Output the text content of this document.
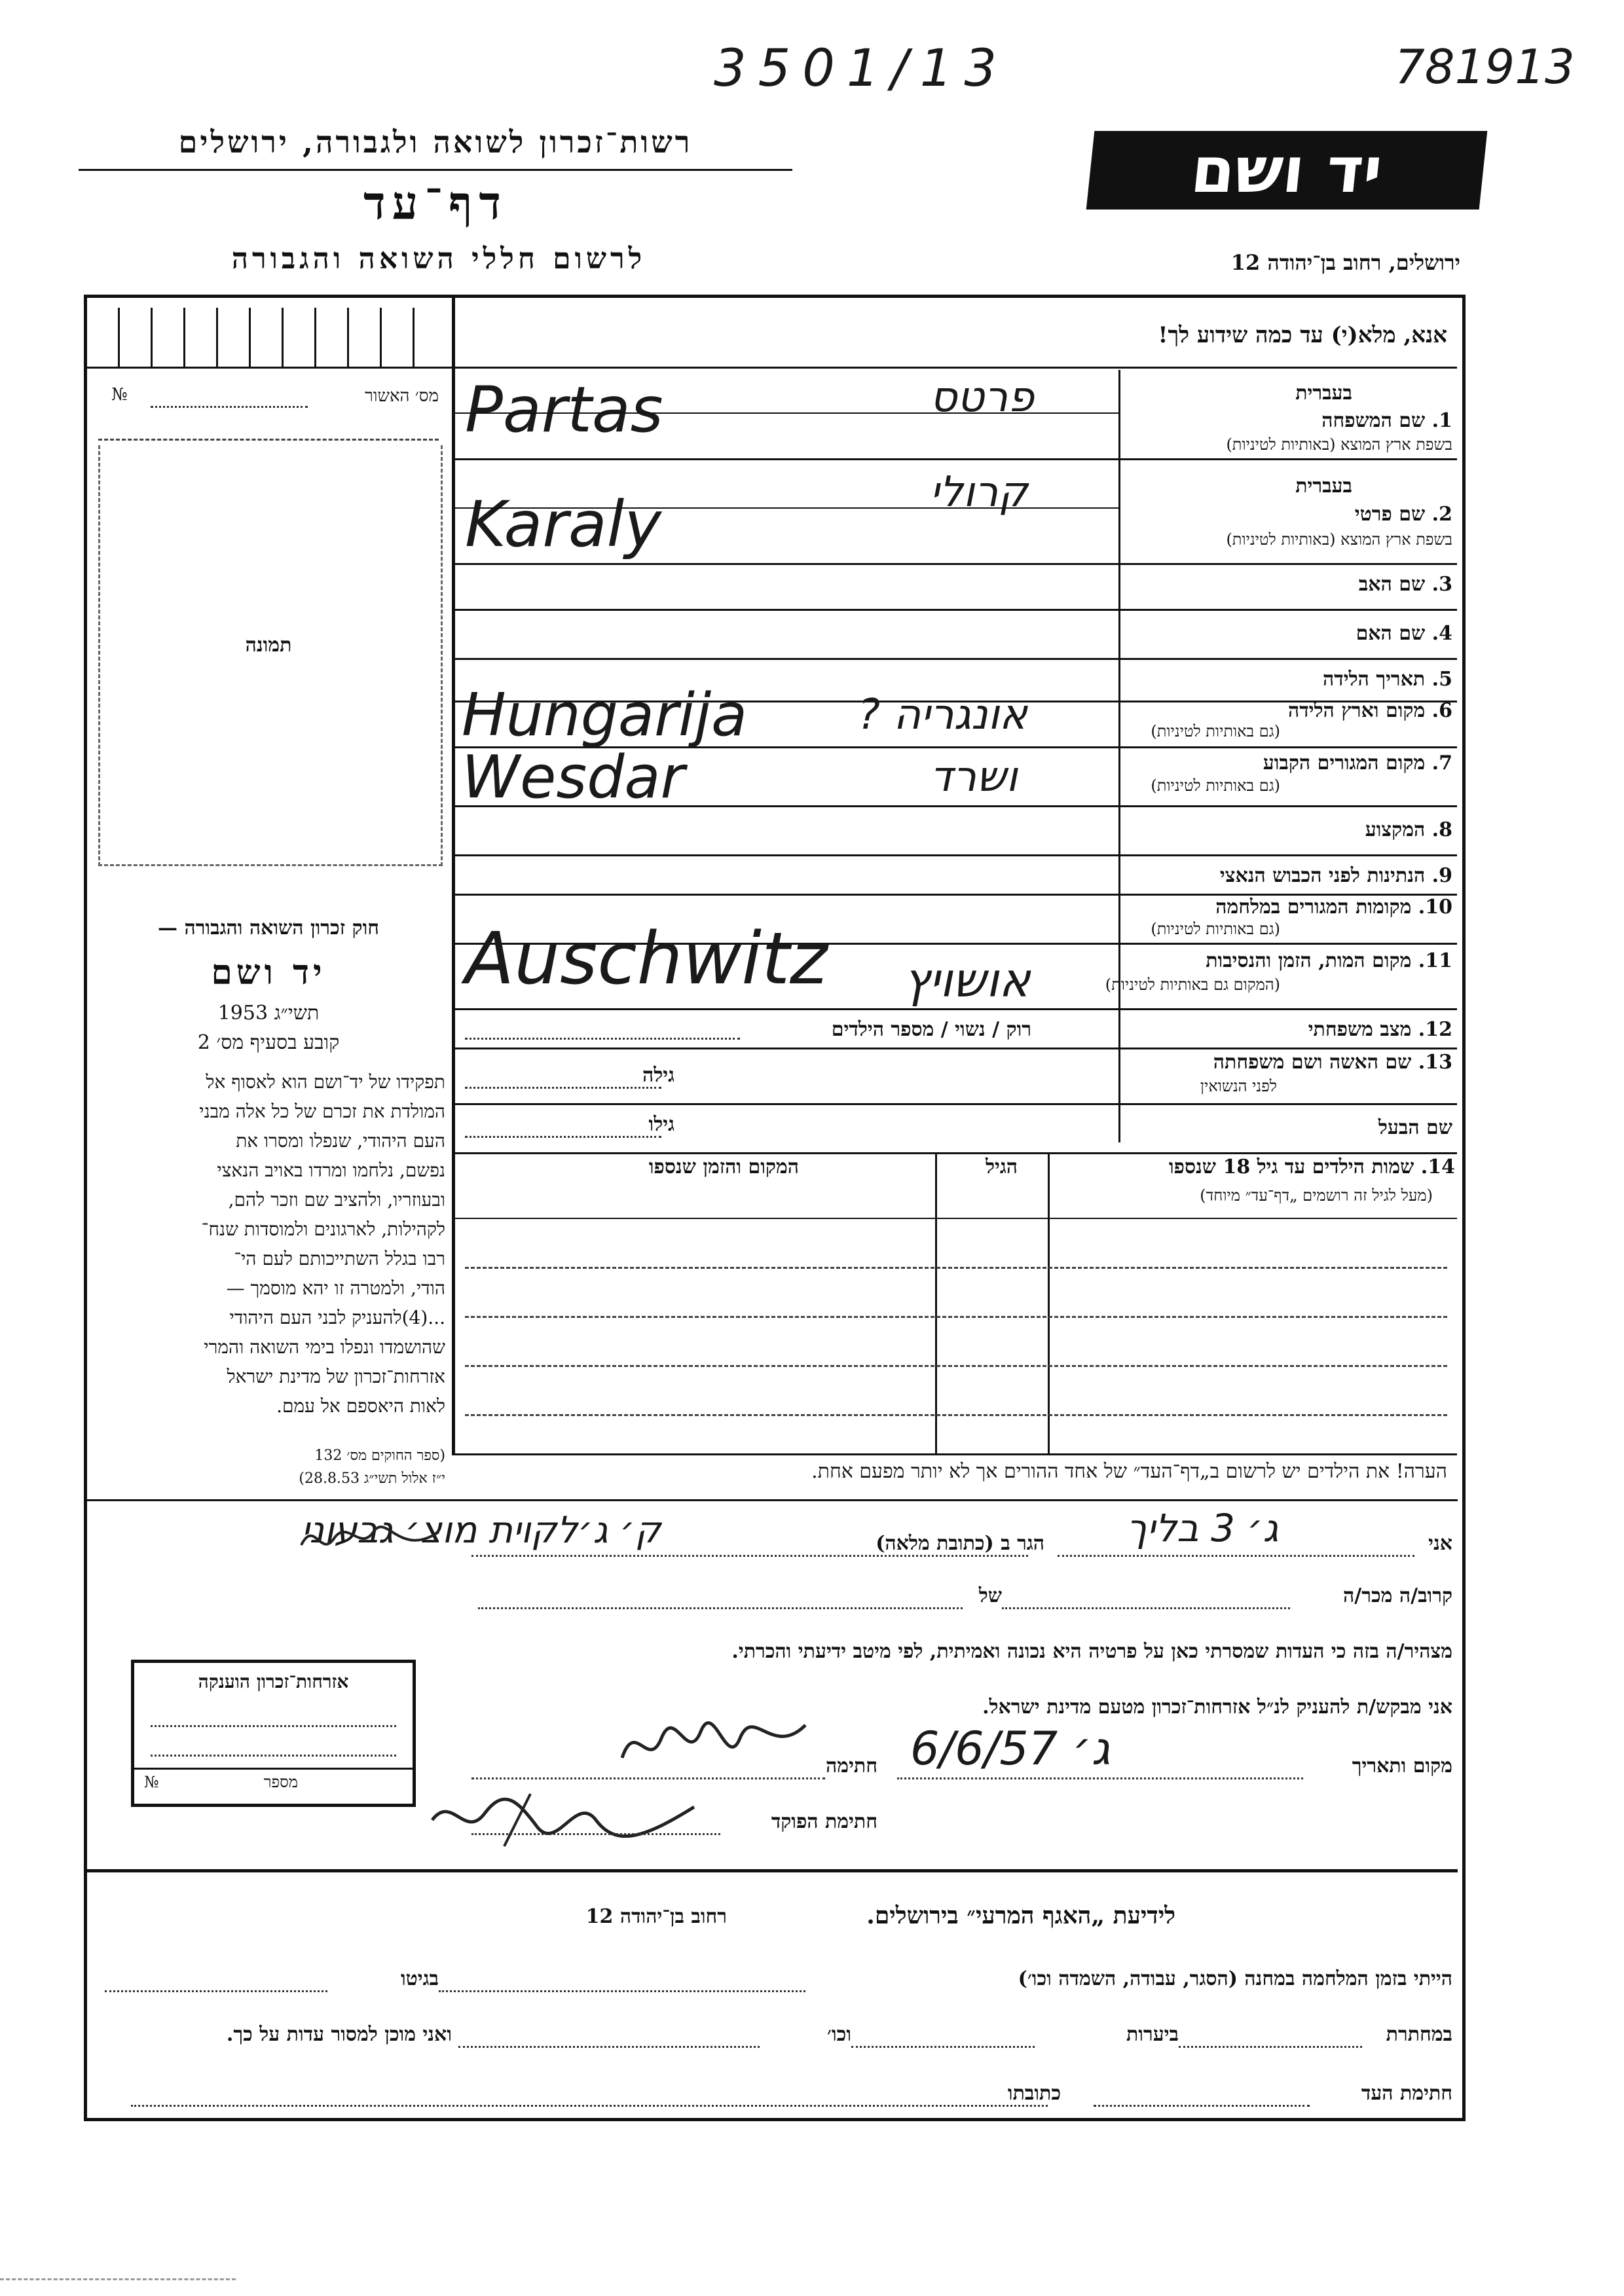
3501/13	781913
רשות־זכרון לשואה ולגבורה, ירושלים
דף־עד
לרשום חללי השואה והגבורה
יד ושם
ירושלים, רחוב בן־יהודה 12
אנא, מלא(י) עד כמה שידוע לך!
מס׳ האשור
№
תמונה
חוק זכרון השואה והגבורה —
יד ושם
תשי״ג 1953
קובע בסעיף מס׳ 2
תפקידו של יד־ושם הוא לאסוף אל
המולדת את זכרם של כל אלה מבני
העם היהודי, שנפלו ומסרו את
נפשם, נלחמו ומרדו באויב הנאצי
ובעוזריו, ולהציב שם וזכר להם,
לקהילות, לארגונים ולמוסדות שנח־
רבו בגלל השתייכותם לעם הי־
הודי, ולמטרה זו יהא מוסמך —
...(4)להעניק לבני העם היהודי
שהושמדו ונפלו בימי השואה והמרי
אזרחות־זכרון של מדינת ישראל
לאות היאספם אל עמם.
(ספר החוקים מס׳ 132
י״ז אלול תשי״ג 28.8.53)
בעברית
1. שם המשפחה
בשפת ארץ המוצא (באותיות לטיניות)
פרטס
Partas
בעברית
2. שם פרטי
בשפת ארץ המוצא (באותיות לטיניות)
קרולי
Karaly
3. שם האב
4. שם האם
5. תאריך הלידה
6. מקום וארץ הלידה
(גם באותיות לטיניות)
אונגריה ?
Hungarija
7. מקום המגורים הקבוע
(גם באותיות לטיניות)
ושרד
Wesdar
8. המקצוע
9. הנתינות לפני הכבוש הנאצי
10. מקומות המגורים במלחמה
(גם באותיות לטיניות)
11. מקום המות, הזמן והנסיבות
(המקום גם באותיות לטיניות)
אושויץ
Auschwitz
12. מצב משפחתי
רוק / נשוי / מספר הילדים
13. שם האשה ושם משפחתה
לפני הנשואין
גילה
שם הבעל
גילו
14. שמות הילדים עד גיל 18 שנספו
(מעל לגיל זה רושמים „דף־עד״ מיוחד)
הגיל
המקום והזמן שנספו
הערה! את הילדים יש לרשום ב„דף־העד״ של אחד ההורים אך לא יותר מפעם אחת.
אני
ג׳ 3 בליך
הגר ב (כתובת מלאה)
ק׳ ג׳לקוית מוצ׳ גבעוני
קרוב/ה מכר/ה
של
מצהיר/ה בזה כי העדות שמסרתי כאן על פרטיה היא נכונה ואמיתית, לפי מיטב ידיעתי והכרתי.
אני מבקש/ת להעניק לנ״ל אזרחות־זכרון מטעם מדינת ישראל.
מקום ותאריך
ג׳ 6/6/57
חתימה
חתימת הפוקד
אזרחות־זכרון הוענקה
מספר
№
לידיעת „האגף המרעי״ בירושלים.
רחוב בן־יהודה 12
הייתי בזמן המלחמה במחנה (הסגר, עבודה, השמדה וכו׳)
בגיטו
במחתרת
ביערות
וכו׳
ואני מוכן למסור עדות על כך.
חתימת העד
כתובתו
